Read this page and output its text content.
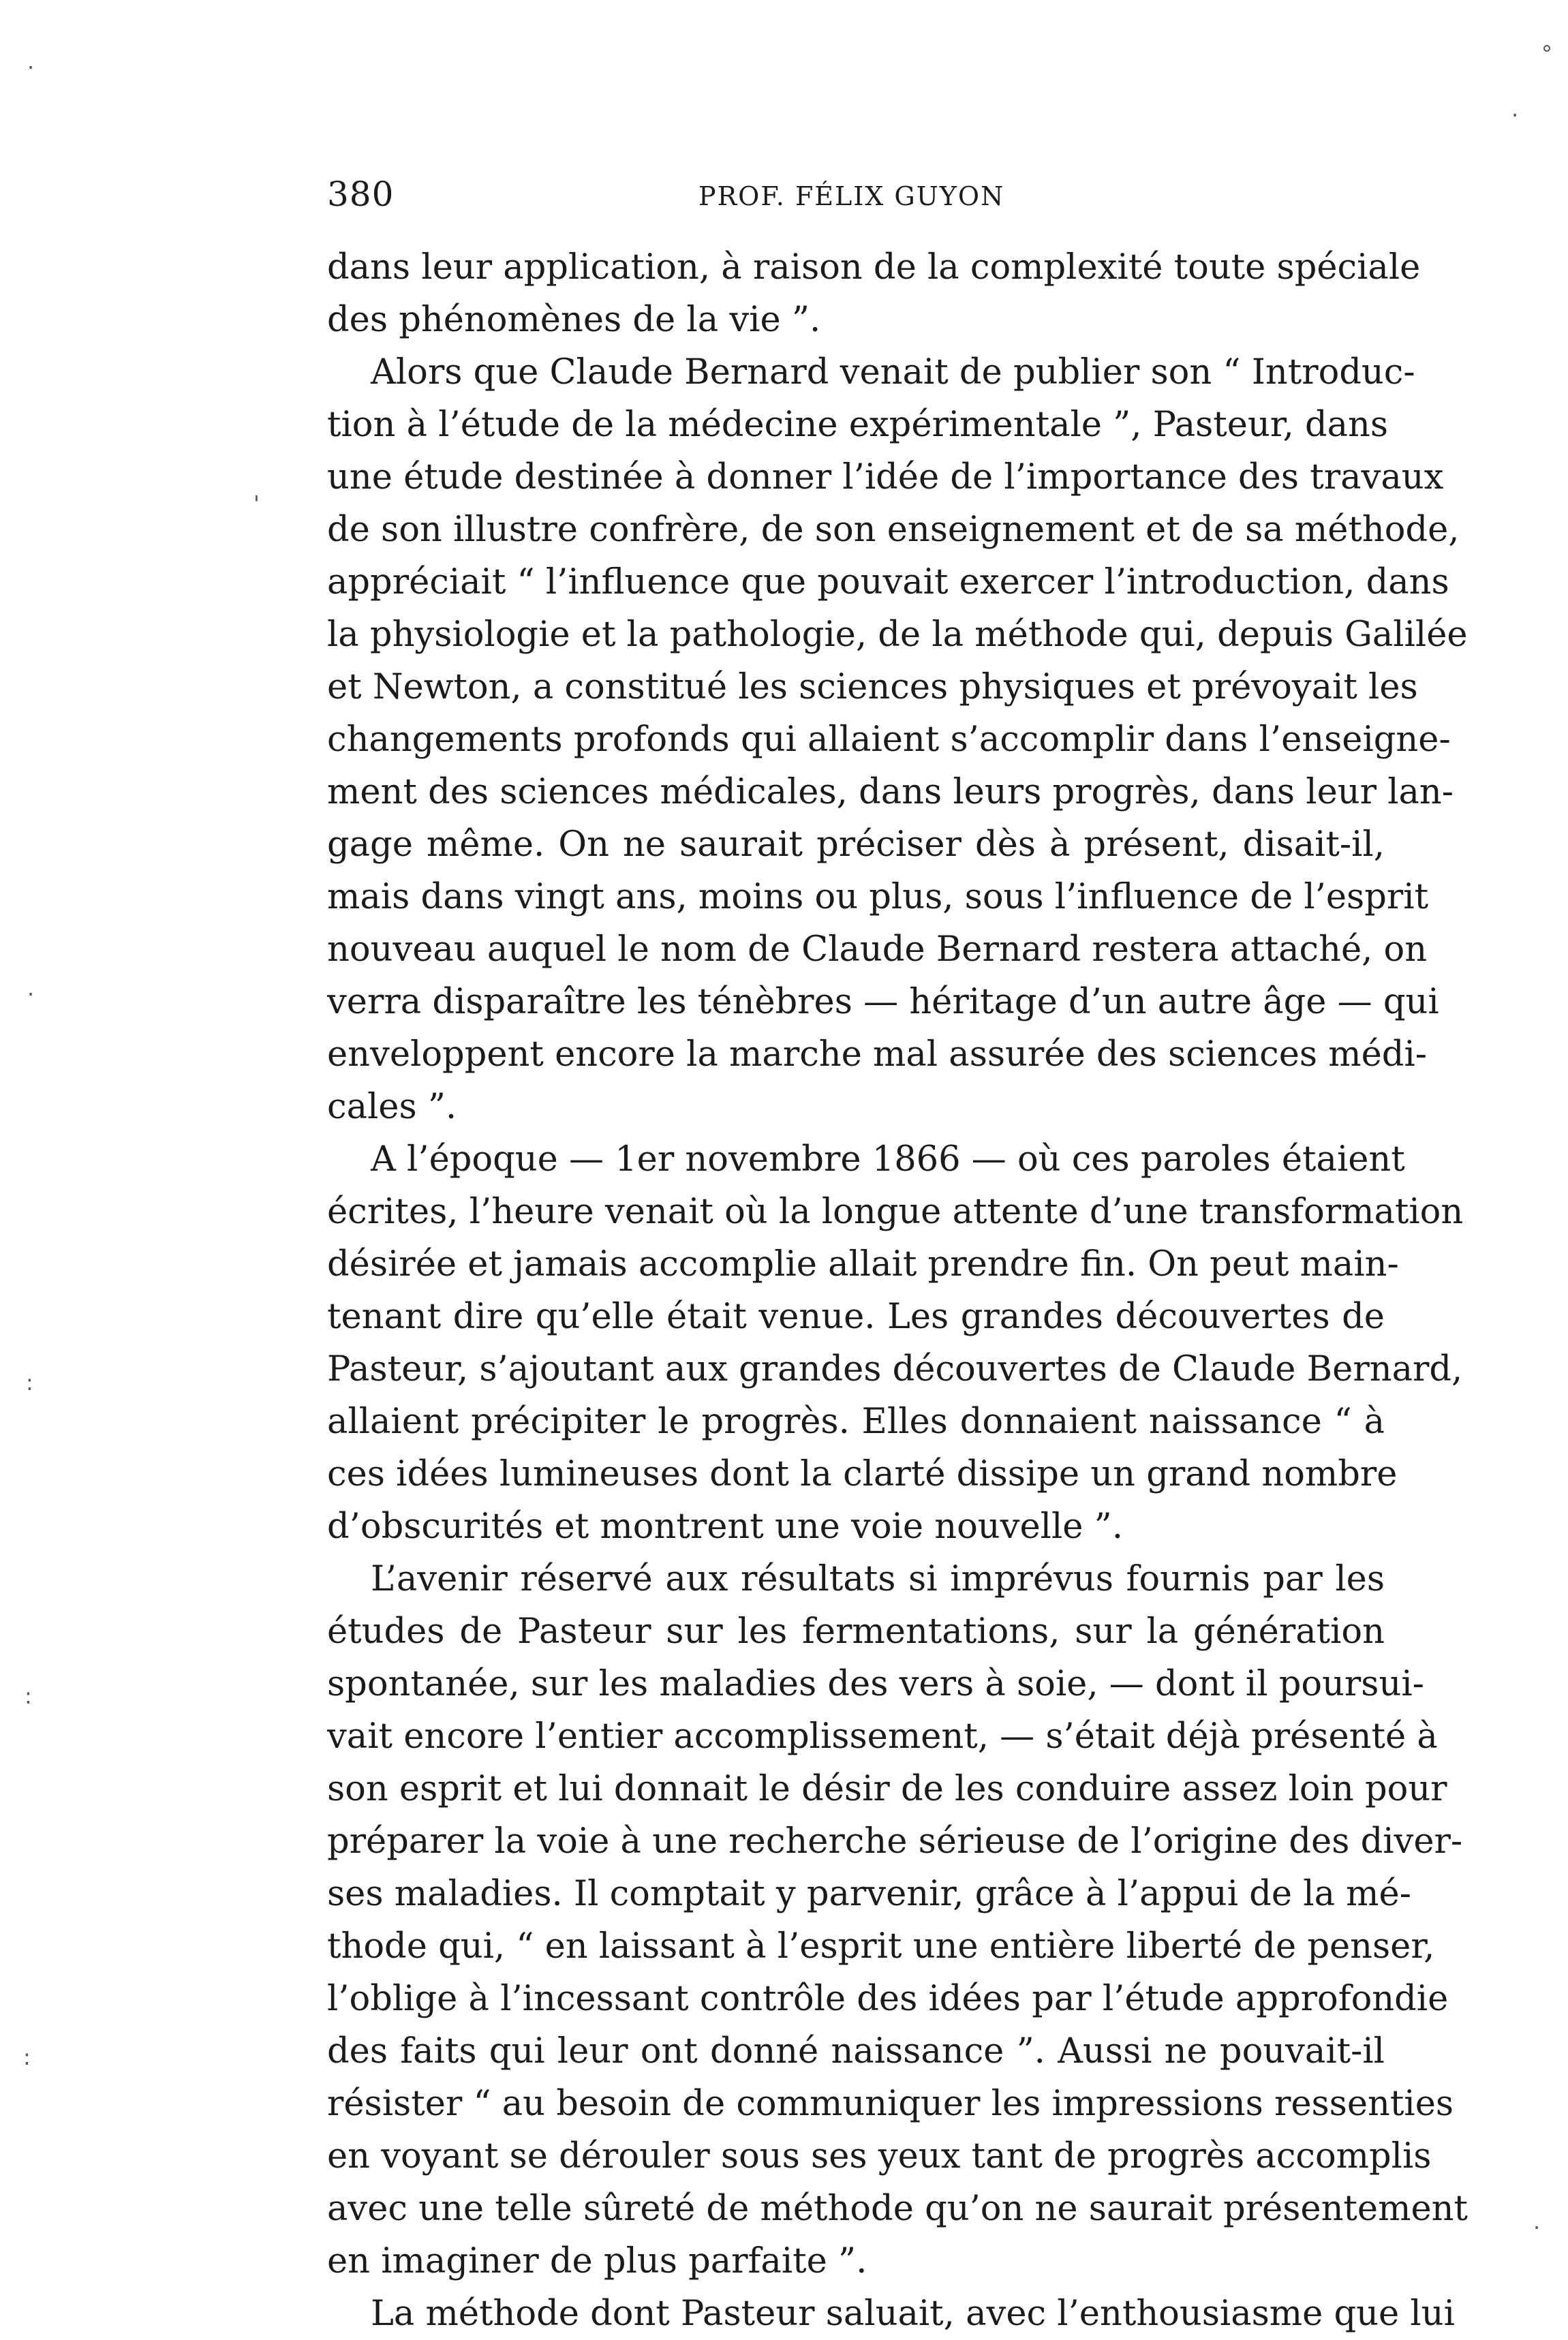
380	PROF. FÉLIX GUYON
dans leur application, à raison de la complexité toute spéciale
des phénomènes de la vie ”.
Alors que Claude Bernard venait de publier son “ Introduc-
tion à l’étude de la médecine expérimentale ”, Pasteur, dans
une étude destinée à donner l’idée de l’importance des travaux
de son illustre confrère, de son enseignement et de sa méthode,
appréciait “ l’influence que pouvait exercer l’introduction, dans
la physiologie et la pathologie, de la méthode qui, depuis Galilée
et Newton, a constitué les sciences physiques et prévoyait les
changements profonds qui allaient s’accomplir dans l’enseigne-
ment des sciences médicales, dans leurs progrès, dans leur lan-
gage même. On ne saurait préciser dès à présent, disait-il,
mais dans vingt ans, moins ou plus, sous l’influence de l’esprit
nouveau auquel le nom de Claude Bernard restera attaché, on
verra disparaître les ténèbres — héritage d’un autre âge — qui
enveloppent encore la marche mal assurée des sciences médi-
cales ”.
A l’époque — 1er novembre 1866 — où ces paroles étaient
écrites, l’heure venait où la longue attente d’une transformation
désirée et jamais accomplie allait prendre fin. On peut main-
tenant dire qu’elle était venue. Les grandes découvertes de
Pasteur, s’ajoutant aux grandes découvertes de Claude Bernard,
allaient précipiter le progrès. Elles donnaient naissance “ à
ces idées lumineuses dont la clarté dissipe un grand nombre
d’obscurités et montrent une voie nouvelle ”.
L’avenir réservé aux résultats si imprévus fournis par les
études de Pasteur sur les fermentations, sur la génération
spontanée, sur les maladies des vers à soie, — dont il poursui-
vait encore l’entier accomplissement, — s’était déjà présenté à
son esprit et lui donnait le désir de les conduire assez loin pour
préparer la voie à une recherche sérieuse de l’origine des diver-
ses maladies. Il comptait y parvenir, grâce à l’appui de la mé-
thode qui, “ en laissant à l’esprit une entière liberté de penser,
l’oblige à l’incessant contrôle des idées par l’étude approfondie
des faits qui leur ont donné naissance ”. Aussi ne pouvait-il
résister “ au besoin de communiquer les impressions ressenties
en voyant se dérouler sous ses yeux tant de progrès accomplis
avec une telle sûreté de méthode qu’on ne saurait présentement
en imaginer de plus parfaite ”.
La méthode dont Pasteur saluait, avec l’enthousiasme que lui
·
°
·
'
·
:
:
:
·
